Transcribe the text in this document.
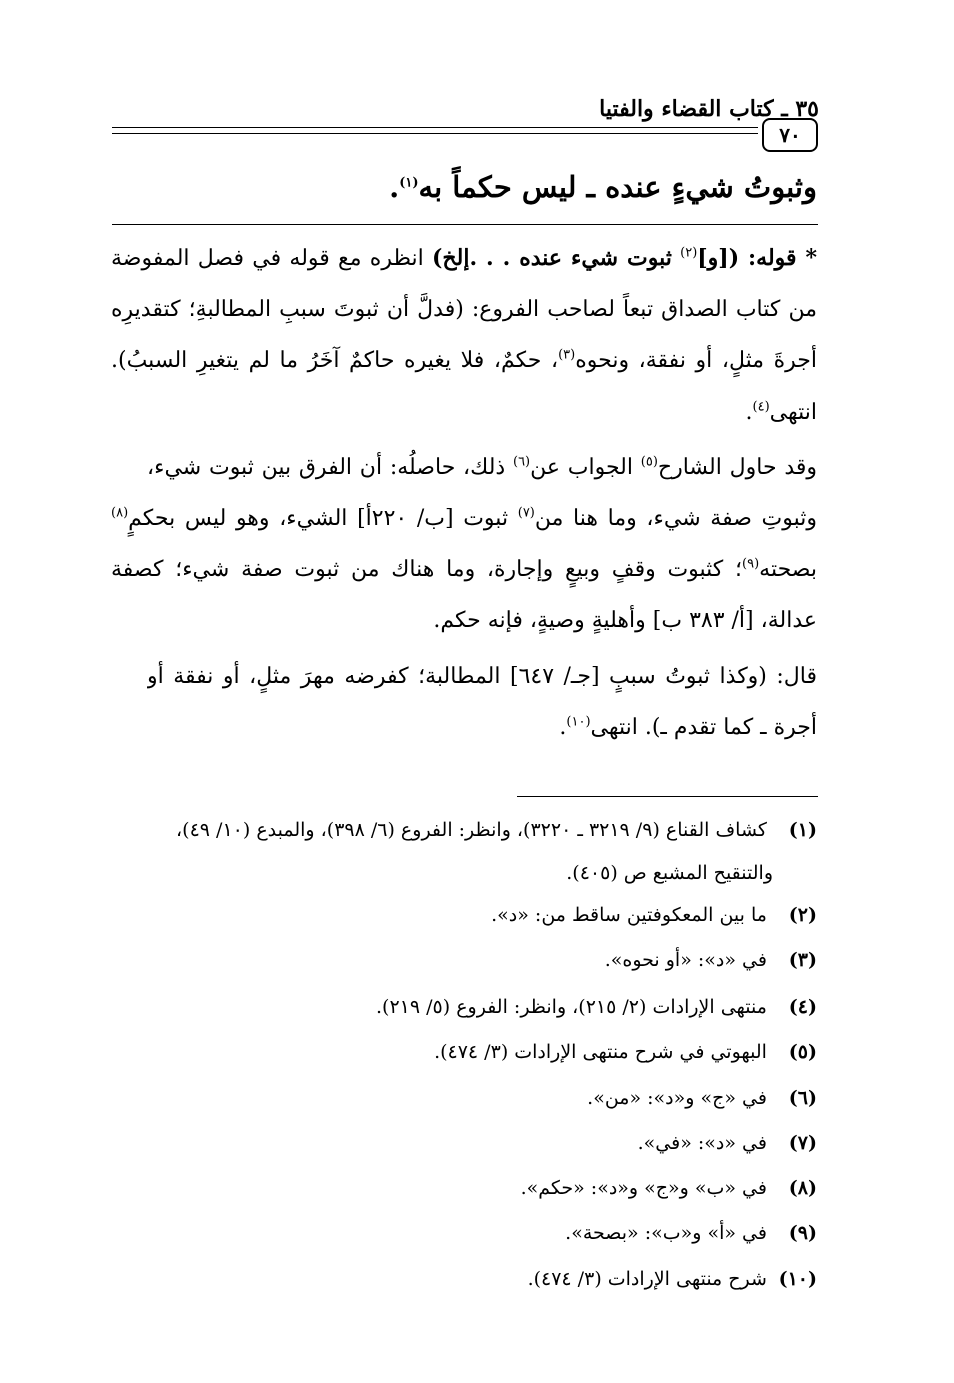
٣٥ ـ كتاب القضاء والفتيا
٧٠
وثبوتُ شيءٍ عنده ـ ليس حكماً به$^{(١)}$.
* قوله: ([و]$^{(٢)}$ ثبوت شيء عنده . . .إلخ) انظره مع قوله في فصل المفوضة
من كتاب الصداق تبعاً لصاحب الفروع: (فدلَّ أن ثبوتَ سببِ المطالبةِ؛ كتقديرِه
أجرةَ مثلٍ، أو نفقة، ونحوه$^{(٣)}$، حكمٌ، فلا يغيره حاكمٌ آخَرُ ما لم يتغيرِ السببُ).
انتهى$^{(٤)}$.
وقد حاول الشارح$^{(٥)}$ الجواب عن$^{(٦)}$ ذلك، حاصلُه: أن الفرق بين ثبوت شيء،
وثبوتِ صفة شيء، وما هنا من$^{(٧)}$ ثبوت [ب/ ٢٢٠أ] الشيء، وهو ليس بحكمٍ$^{(٨)}$
بصحته$^{(٩)}$؛ كثبوت وقفٍ وبيعٍ وإجارة، وما هناك من ثبوت صفة شيء؛ كصفة
عدالة، [أ/ ٣٨٣ ب] وأهليةٍ وصيةٍ، فإنه حكم.
قال: (وكذا ثبوتُ سببٍ [جـ/ ٦٤٧] المطالبة؛ كفرضه مهرَ مثلٍ، أو نفقة أو
أجرة ـ كما تقدم ـ). انتهى$^{(١٠)}$.
(١) كشاف القناع (٩/ ٣٢١٩ ـ ٣٢٢٠)، وانظر: الفروع (٦/ ٣٩٨)، والمبدع (١٠/ ٤٩)،
والتنقيح المشبع ص (٤٠٥).
(٢) ما بين المعكوفتين ساقط من: «د».
(٣) في «د»: «أو نحوه».
(٤) منتهى الإرادات (٢/ ٢١٥)، وانظر: الفروع (٥/ ٢١٩).
(٥) البهوتي في شرح منتهى الإرادات (٣/ ٤٧٤).
(٦) في «ج» و«د»: «من».
(٧) في «د»: «في».
(٨) في «ب» و«ج» و«د»: «حكم».
(٩) في «أ» و«ب»: «بصحة».
(١٠) شرح منتهى الإرادات (٣/ ٤٧٤).
